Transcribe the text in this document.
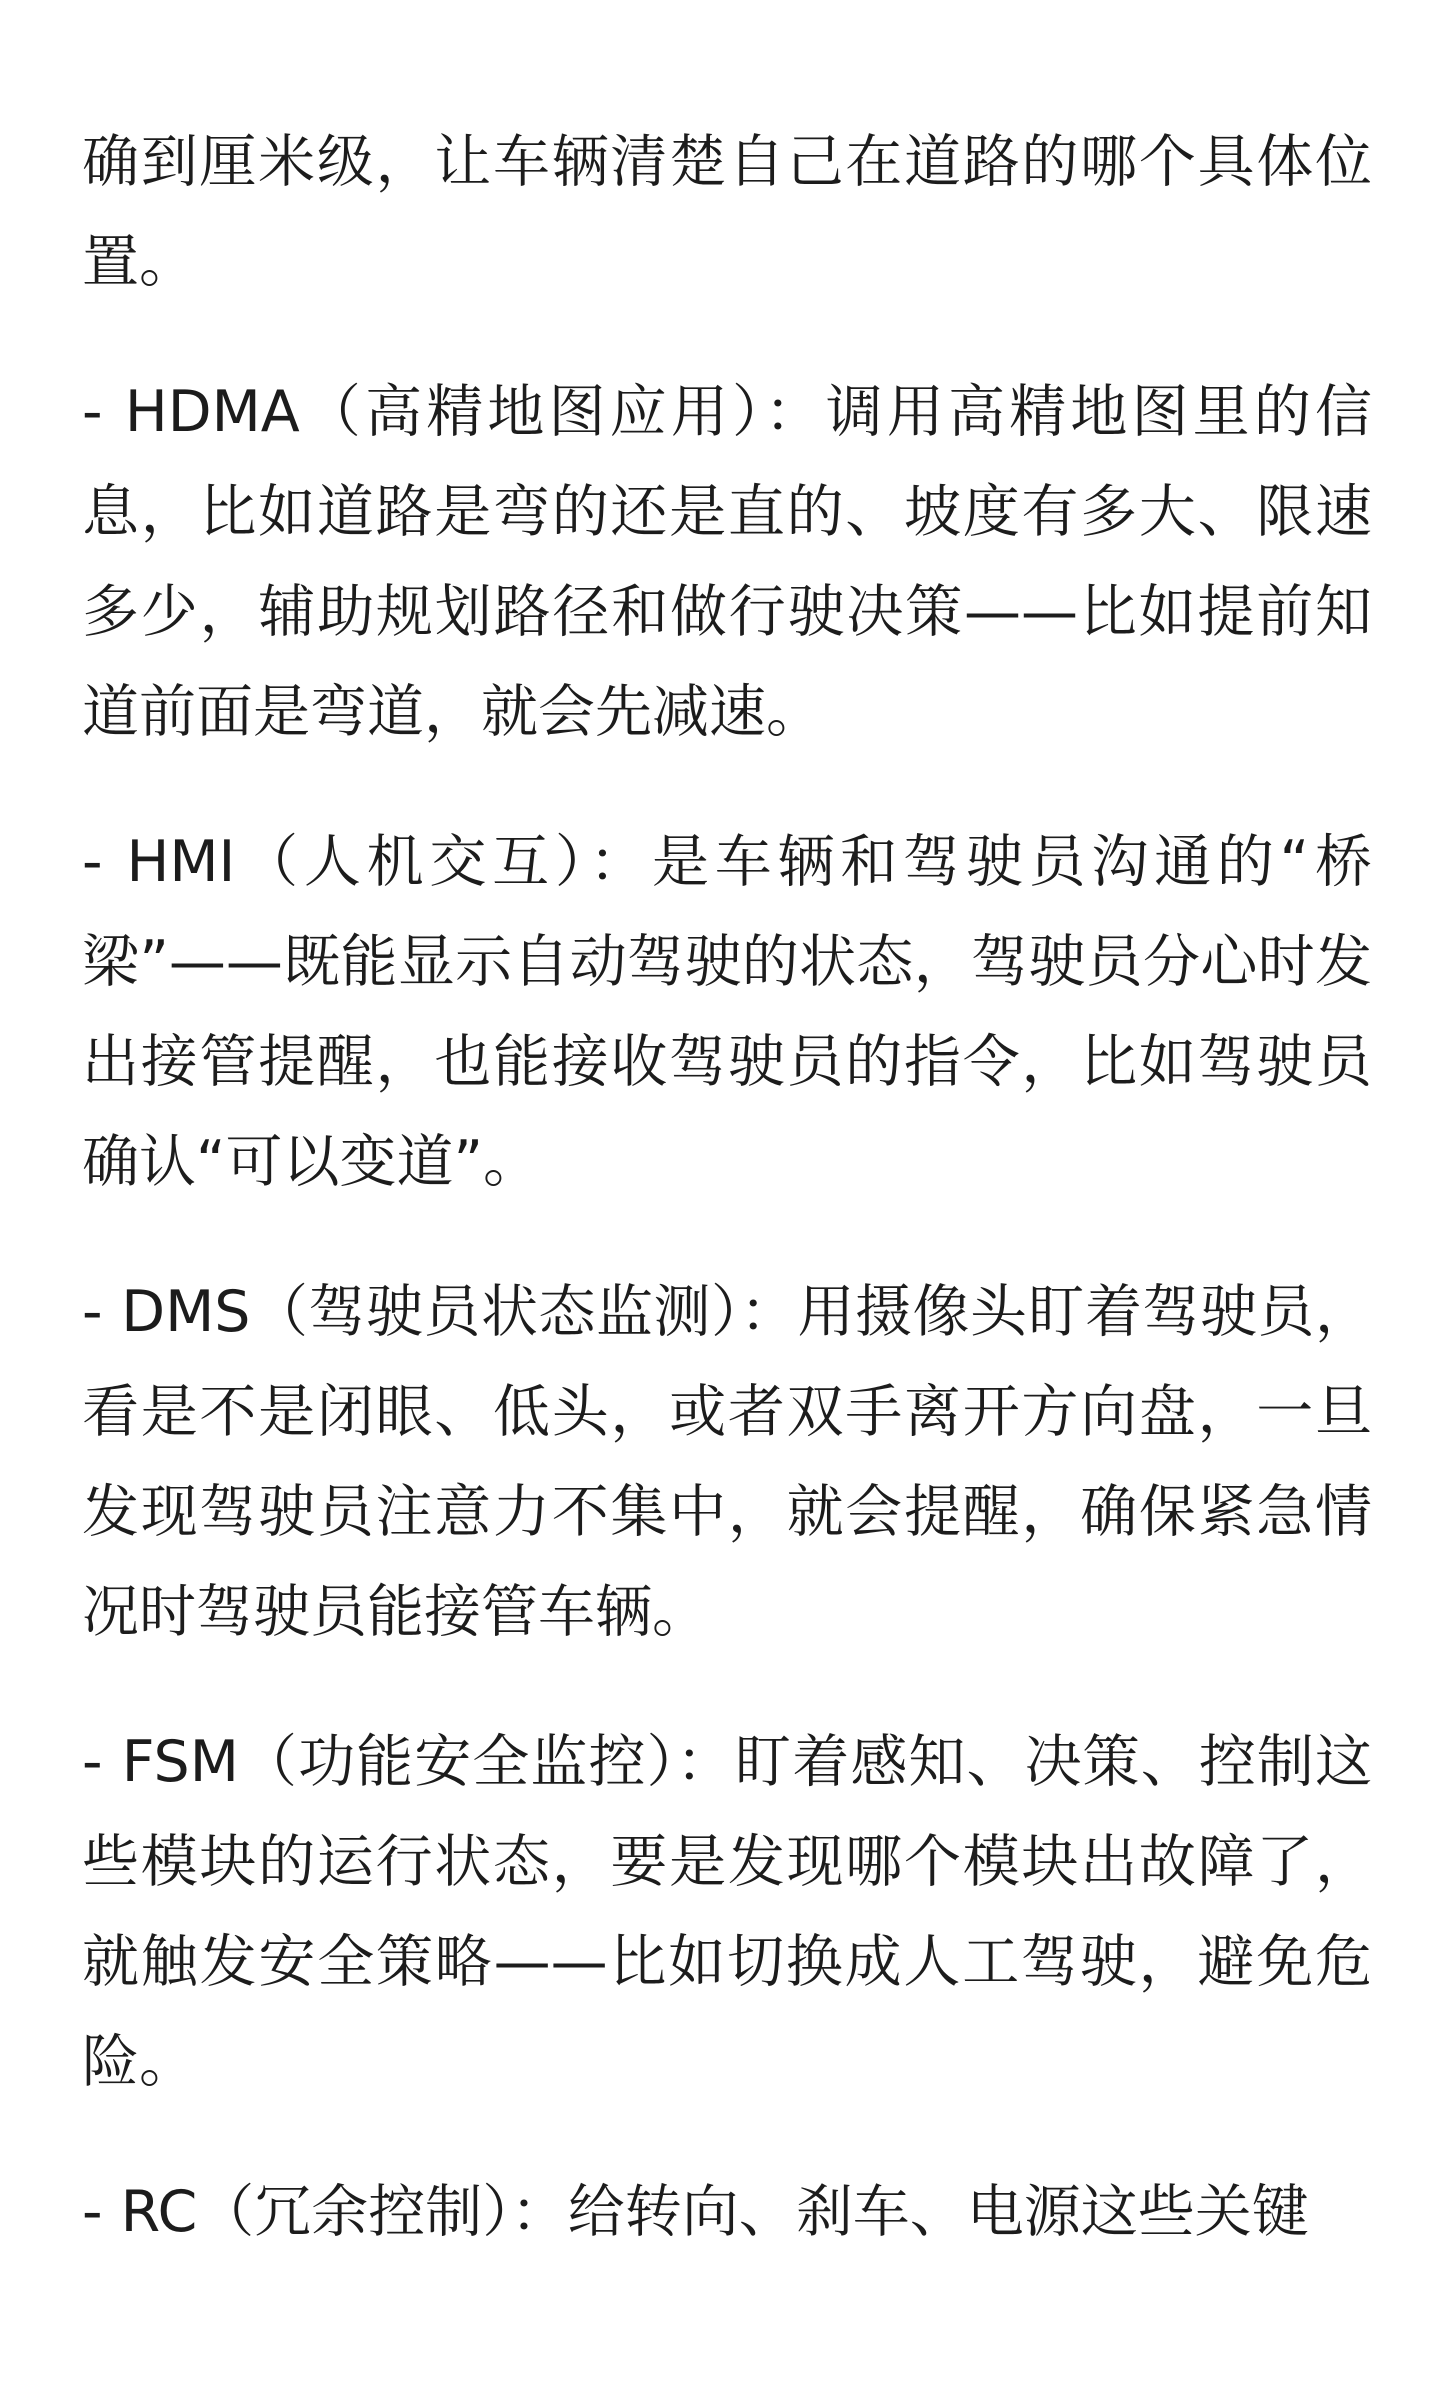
确到厘米级，让车辆清楚自己在道路的哪个具体位置。

- HDMA（高精地图应用）：调用高精地图里的信息，比如道路是弯的还是直的、坡度有多大、限速多少，辅助规划路径和做行驶决策——比如提前知道前面是弯道，就会先减速。

- HMI（人机交互）：是车辆和驾驶员沟通的“桥梁”——既能显示自动驾驶的状态，驾驶员分心时发出接管提醒，也能接收驾驶员的指令，比如驾驶员确认“可以变道”。

- DMS（驾驶员状态监测）：用摄像头盯着驾驶员，看是不是闭眼、低头，或者双手离开方向盘，一旦发现驾驶员注意力不集中，就会提醒，确保紧急情况时驾驶员能接管车辆。

- FSM（功能安全监控）：盯着感知、决策、控制这些模块的运行状态，要是发现哪个模块出故障了，就触发安全策略——比如切换成人工驾驶，避免危险。

- RC（冗余控制）：给转向、刹车、电源这些关键
